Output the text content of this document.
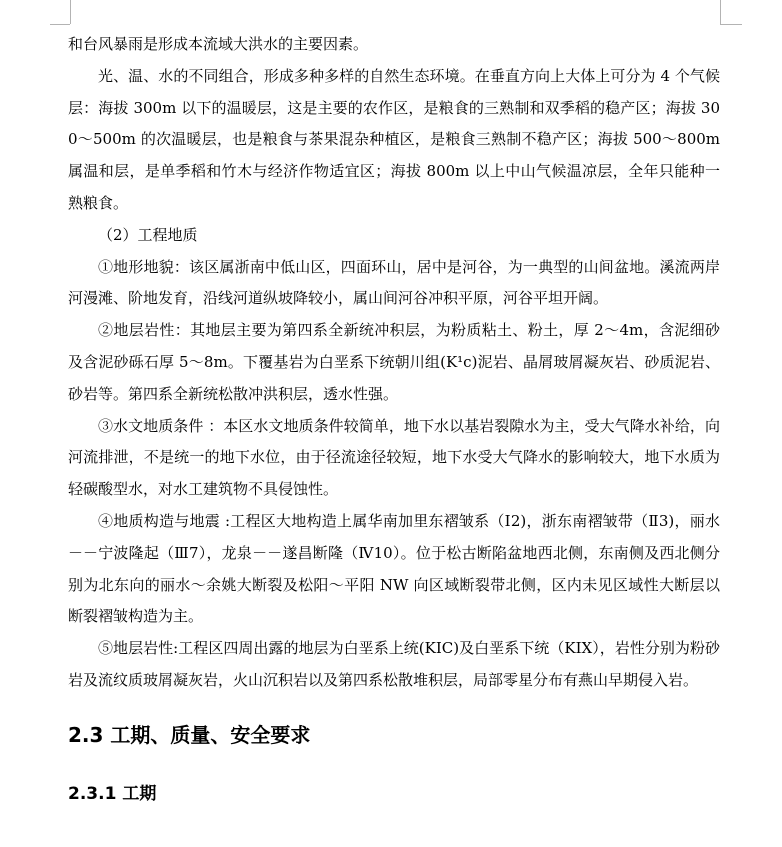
和台风暴雨是形成本流域大洪水的主要因素。

光、温、水的不同组合，形成多种多样的自然生态环境。在垂直方向上大体上可分为 4 个气候层：海拔 300m 以下的温暖层，这是主要的农作区，是粮食的三熟制和双季稻的稳产区；海拔 300～500m 的次温暖层，也是粮食与茶果混杂种植区，是粮食三熟制不稳产区；海拔 500～800m 属温和层，是单季稻和竹木与经济作物适宜区；海拔 800m 以上中山气候温凉层，全年只能种一熟粮食。

（2）工程地质

①地形地貌：该区属浙南中低山区，四面环山，居中是河谷，为一典型的山间盆地。溪流两岸河漫滩、阶地发育，沿线河道纵坡降较小，属山间河谷冲积平原，河谷平坦开阔。

②地层岩性：其地层主要为第四系全新统冲积层，为粉质粘土、粉土，厚 2～4m，含泥细砂及含泥砂砾石厚 5～8m。下覆基岩为白垩系下统朝川组(K¹c)泥岩、晶屑玻屑凝灰岩、砂质泥岩、砂岩等。第四系全新统松散冲洪积层，透水性强。

③水文地质条件 ：本区水文地质条件较简单，地下水以基岩裂隙水为主，受大气降水补给，向河流排泄，不是统一的地下水位，由于径流途径较短，地下水受大气降水的影响较大，地下水质为轻碳酸型水，对水工建筑物不具侵蚀性。

④地质构造与地震 :工程区大地构造上属华南加里东褶皱系（Ⅰ2)，浙东南褶皱带（Ⅱ3)，丽水－－宁波隆起（Ⅲ7），龙泉－－遂昌断隆（Ⅳ10）。位于松古断陷盆地西北侧，东南侧及西北侧分别为北东向的丽水～余姚大断裂及松阳～平阳 NW 向区域断裂带北侧，区内未见区域性大断层以断裂褶皱构造为主。

⑤地层岩性:工程区四周出露的地层为白垩系上统(KIC)及白垩系下统（KIX），岩性分别为粉砂岩及流纹质玻屑凝灰岩，火山沉积岩以及第四系松散堆积层，局部零星分布有燕山早期侵入岩。

2.3 工期、质量、安全要求
2.3.1 工期
